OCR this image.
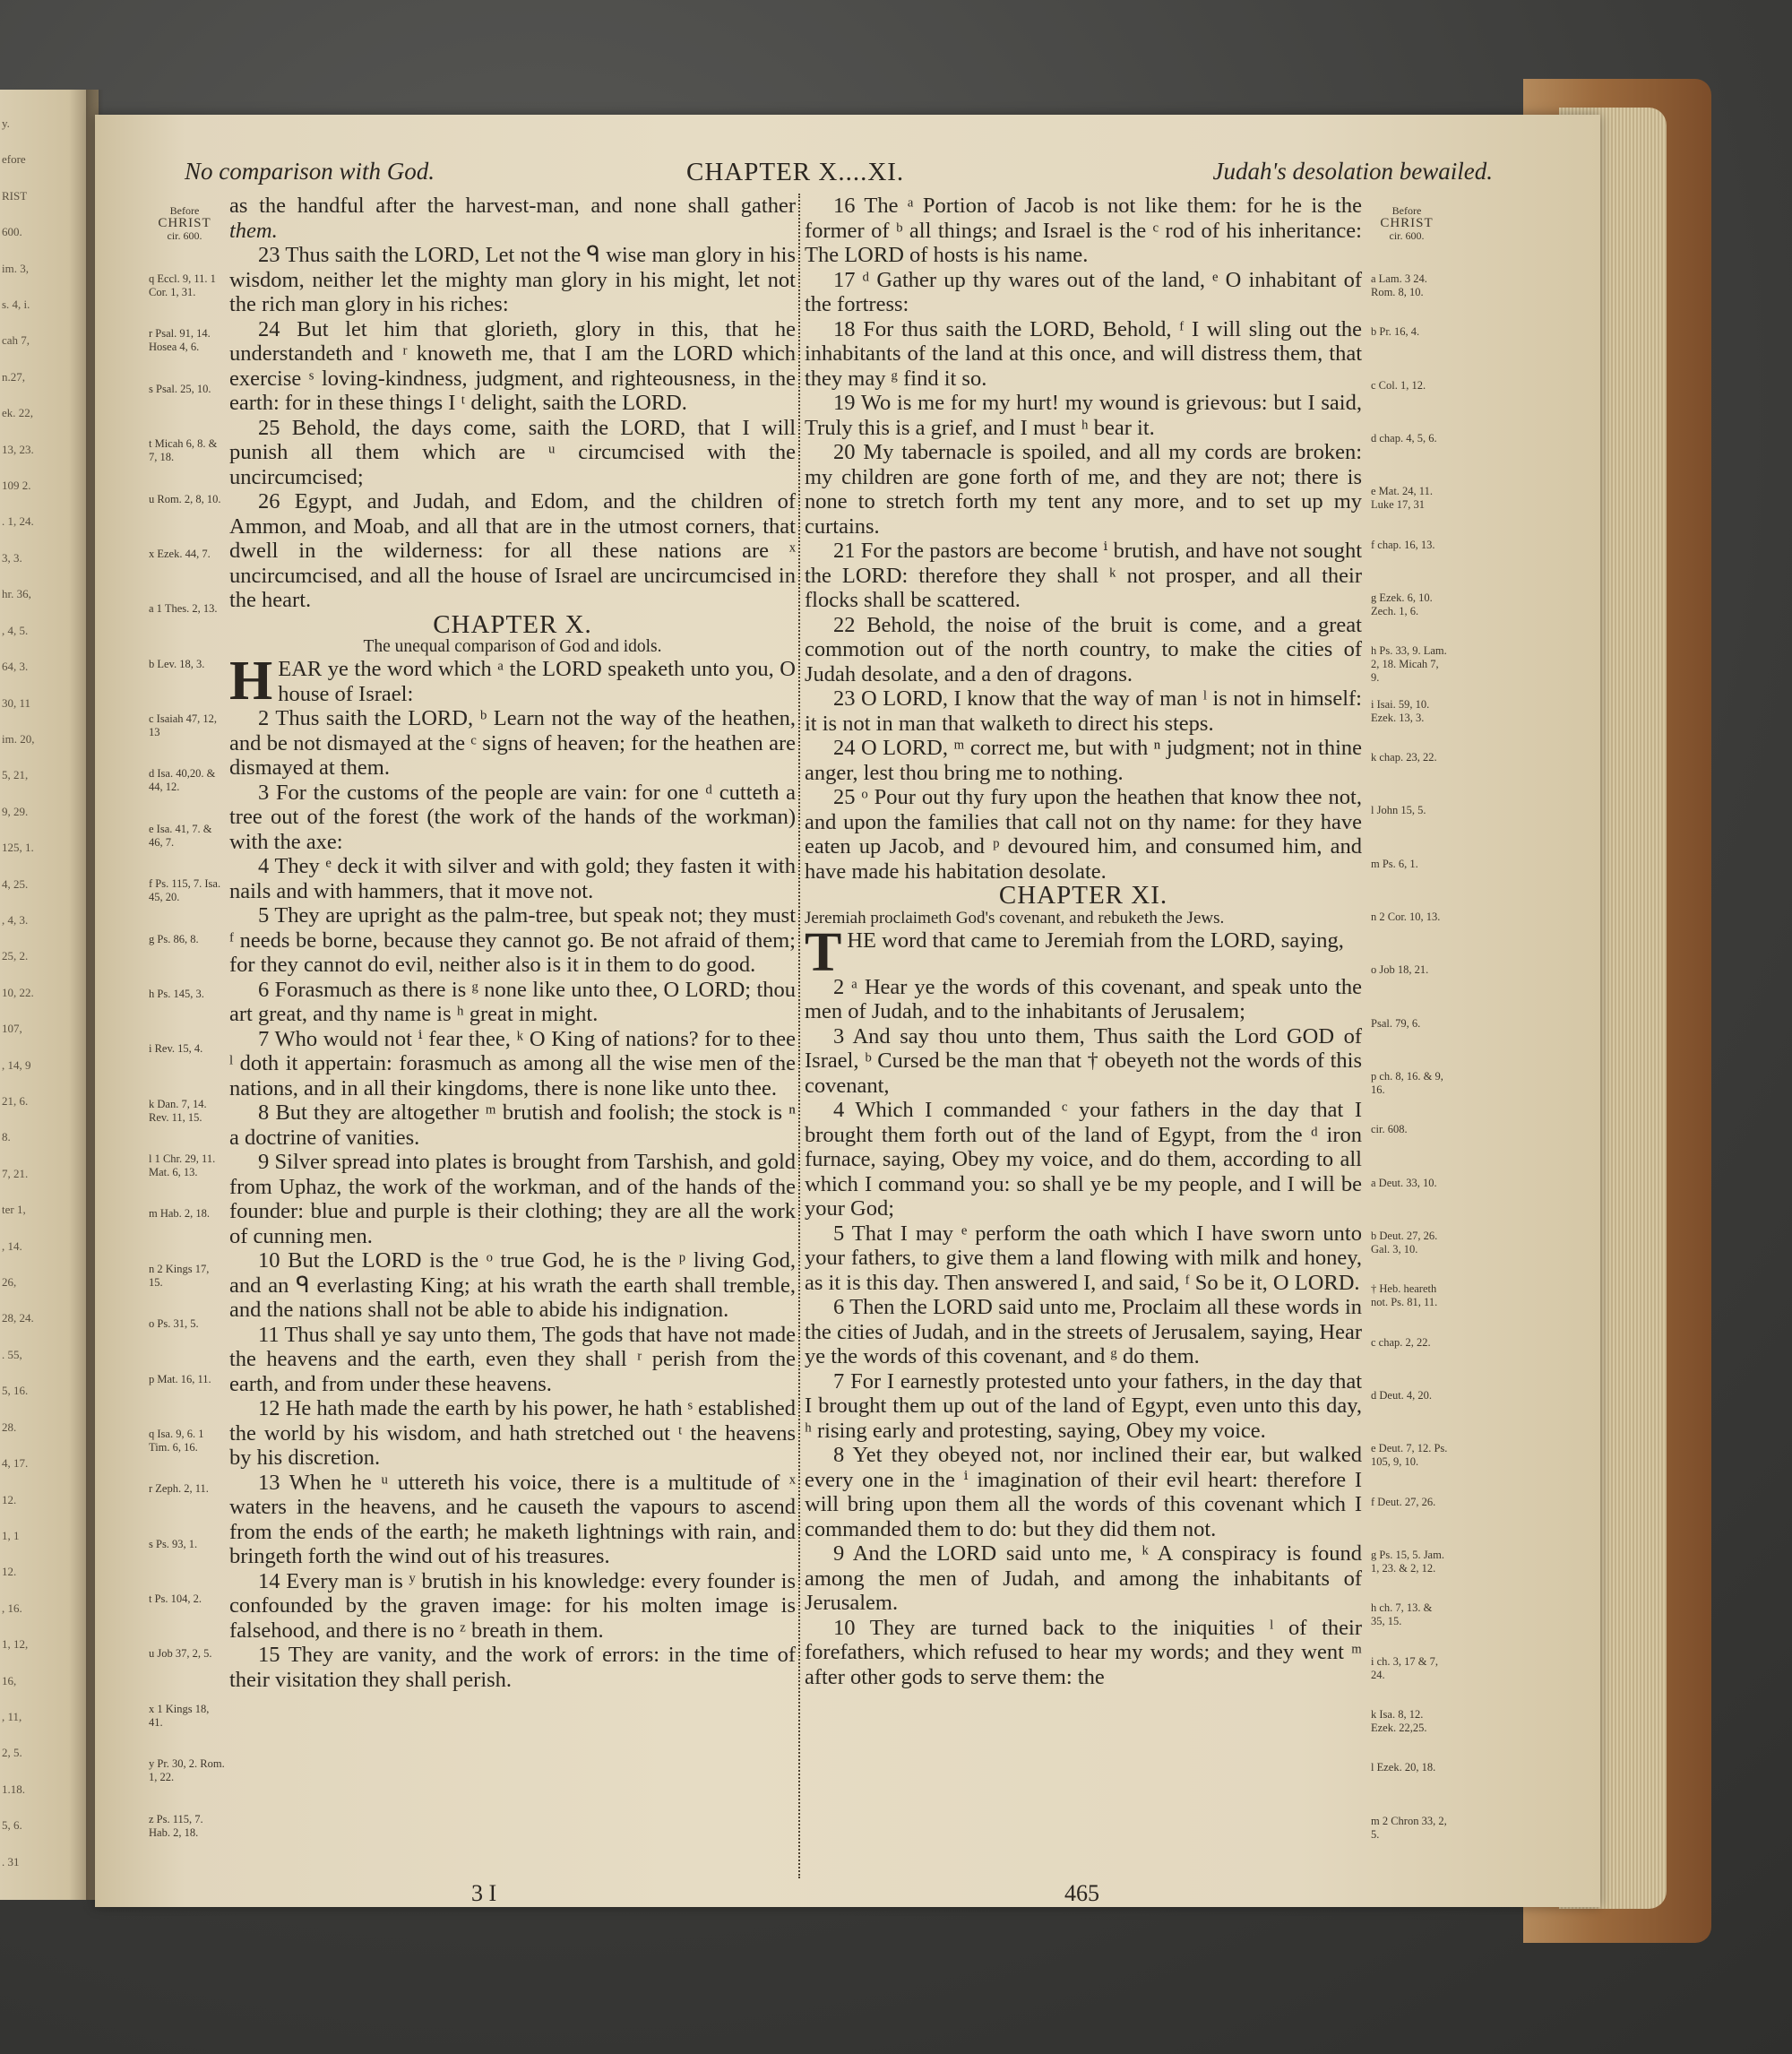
y.
efore
RIST
600.
im. 3,
s. 4, i.
cah 7,
n.27,
ek. 22,
13, 23.
109 2.
. 1, 24.
3, 3.
hr. 36,
, 4, 5.
64, 3.
30, 11
im. 20,
5, 21,
9, 29.
125, 1.
4, 25.
, 4, 3.
25, 2.
10, 22.
107,
, 14, 9
21, 6.
8.
7, 21.
ter 1,
, 14.
26,
28, 24.
. 55,
5, 16.
28.
4, 17.
12.
1, 1
12.
, 16.
1, 12,
16,
, 11,
2, 5.
1.18.
5, 6.
. 31
No comparison with God.	CHAPTER X....XI.	Judah's desolation bewailed.
Before
CHRIST
cir. 600.
q Eccl. 9, 11. 1 Cor. 1, 31.
r Psal. 91, 14. Hosea 4, 6.
s Psal. 25, 10.
t Micah 6, 8. & 7, 18.
u Rom. 2, 8, 10.
x Ezek. 44, 7.
a 1 Thes. 2, 13.
b Lev. 18, 3.
c Isaiah 47, 12, 13
d Isa. 40,20. & 44, 12.
e Isa. 41, 7. & 46, 7.
f Ps. 115, 7. Isa. 45, 20.
g Ps. 86, 8.
h Ps. 145, 3.
i Rev. 15, 4.
k Dan. 7, 14. Rev. 11, 15.
l 1 Chr. 29, 11. Mat. 6, 13.
m Hab. 2, 18.
n 2 Kings 17, 15.
o Ps. 31, 5.
p Mat. 16, 11.
q Isa. 9, 6. 1 Tim. 6, 16.
r Zeph. 2, 11.
s Ps. 93, 1.
t Ps. 104, 2.
u Job 37, 2, 5.
x 1 Kings 18, 41.
y Pr. 30, 2. Rom. 1, 22.
z Ps. 115, 7. Hab. 2, 18.

as the handful after the harvest-man, and none shall gather them.

23 Thus saith the LORD, Let not the ᑫ wise man glory in his wisdom, neither let the mighty man glory in his might, let not the rich man glory in his riches:

24 But let him that glorieth, glory in this, that he understandeth and ʳ knoweth me, that I am the LORD which exercise ˢ loving-kindness, judgment, and righteousness, in the earth: for in these things I ᵗ delight, saith the LORD.

25 Behold, the days come, saith the LORD, that I will punish all them which are ᵘ circumcised with the uncircumcised;

26 Egypt, and Judah, and Edom, and the children of Ammon, and Moab, and all that are in the utmost corners, that dwell in the wilderness: for all these nations are ˣ uncircumcised, and all the house of Israel are uncircumcised in the heart.

CHAPTER X.

The unequal comparison of God and idols.

HEAR ye the word which ᵃ the LORD speaketh unto you, O house of Israel:

2 Thus saith the LORD, ᵇ Learn not the way of the heathen, and be not dismayed at the ᶜ signs of heaven; for the heathen are dismayed at them.

3 For the customs of the people are vain: for one ᵈ cutteth a tree out of the forest (the work of the hands of the workman) with the axe:

4 They ᵉ deck it with silver and with gold; they fasten it with nails and with hammers, that it move not.

5 They are upright as the palm-tree, but speak not; they must ᶠ needs be borne, because they cannot go. Be not afraid of them; for they cannot do evil, neither also is it in them to do good.

6 Forasmuch as there is ᵍ none like unto thee, O LORD; thou art great, and thy name is ʰ great in might.

7 Who would not ⁱ fear thee, ᵏ O King of nations? for to thee ˡ doth it appertain: forasmuch as among all the wise men of the nations, and in all their kingdoms, there is none like unto thee.

8 But they are altogether ᵐ brutish and foolish; the stock is ⁿ a doctrine of vanities.

9 Silver spread into plates is brought from Tarshish, and gold from Uphaz, the work of the workman, and of the hands of the founder: blue and purple is their clothing; they are all the work of cunning men.

10 But the LORD is the ᵒ true God, he is the ᵖ living God, and an ᑫ everlasting King; at his wrath the earth shall tremble, and the nations shall not be able to abide his indignation.

11 Thus shall ye say unto them, The gods that have not made the heavens and the earth, even they shall ʳ perish from the earth, and from under these heavens.

12 He hath made the earth by his power, he hath ˢ established the world by his wisdom, and hath stretched out ᵗ the heavens by his discretion.

13 When he ᵘ uttereth his voice, there is a multitude of ˣ waters in the heavens, and he causeth the vapours to ascend from the ends of the earth; he maketh lightnings with rain, and bringeth forth the wind out of his treasures.

14 Every man is ʸ brutish in his knowledge: every founder is confounded by the graven image: for his molten image is falsehood, and there is no ᶻ breath in them.

15 They are vanity, and the work of errors: in the time of their visitation they shall perish.

16 The ᵃ Portion of Jacob is not like them: for he is the former of ᵇ all things; and Israel is the ᶜ rod of his inheritance: The LORD of hosts is his name.

17 ᵈ Gather up thy wares out of the land, ᵉ O inhabitant of the fortress:

18 For thus saith the LORD, Behold, ᶠ I will sling out the inhabitants of the land at this once, and will distress them, that they may ᵍ find it so.

19 Wo is me for my hurt! my wound is grievous: but I said, Truly this is a grief, and I must ʰ bear it.

20 My tabernacle is spoiled, and all my cords are broken: my children are gone forth of me, and they are not; there is none to stretch forth my tent any more, and to set up my curtains.

21 For the pastors are become ⁱ brutish, and have not sought the LORD: therefore they shall ᵏ not prosper, and all their flocks shall be scattered.

22 Behold, the noise of the bruit is come, and a great commotion out of the north country, to make the cities of Judah desolate, and a den of dragons.

23 O LORD, I know that the way of man ˡ is not in himself: it is not in man that walketh to direct his steps.

24 O LORD, ᵐ correct me, but with ⁿ judgment; not in thine anger, lest thou bring me to nothing.

25 ᵒ Pour out thy fury upon the heathen that know thee not, and upon the families that call not on thy name: for they have eaten up Jacob, and ᵖ devoured him, and consumed him, and have made his habitation desolate.

CHAPTER XI.

Jeremiah proclaimeth God's covenant, and rebuketh the Jews.

THE word that came to Jeremiah from the LORD, saying,

2 ᵃ Hear ye the words of this covenant, and speak unto the men of Judah, and to the inhabitants of Jerusalem;

3 And say thou unto them, Thus saith the Lord GOD of Israel, ᵇ Cursed be the man that † obeyeth not the words of this covenant,

4 Which I commanded ᶜ your fathers in the day that I brought them forth out of the land of Egypt, from the ᵈ iron furnace, saying, Obey my voice, and do them, according to all which I command you: so shall ye be my people, and I will be your God;

5 That I may ᵉ perform the oath which I have sworn unto your fathers, to give them a land flowing with milk and honey, as it is this day. Then answered I, and said, ᶠ So be it, O LORD.

6 Then the LORD said unto me, Proclaim all these words in the cities of Judah, and in the streets of Jerusalem, saying, Hear ye the words of this covenant, and ᵍ do them.

7 For I earnestly protested unto your fathers, in the day that I brought them up out of the land of Egypt, even unto this day, ʰ rising early and protesting, saying, Obey my voice.

8 Yet they obeyed not, nor inclined their ear, but walked every one in the ⁱ imagination of their evil heart: therefore I will bring upon them all the words of this covenant which I commanded them to do: but they did them not.

9 And the LORD said unto me, ᵏ A conspiracy is found among the men of Judah, and among the inhabitants of Jerusalem.

10 They are turned back to the iniquities ˡ of their forefathers, which refused to hear my words; and they went ᵐ after other gods to serve them: the

Before
CHRIST
cir. 600.
a Lam. 3 24. Rom. 8, 10.
b Pr. 16, 4.
c Col. 1, 12.
d chap. 4, 5, 6.
e Mat. 24, 11. Luke 17, 31
f chap. 16, 13.
g Ezek. 6, 10. Zech. 1, 6.
h Ps. 33, 9. Lam. 2, 18. Micah 7, 9.
i Isai. 59, 10. Ezek. 13, 3.
k chap. 23, 22.
l John 15, 5.
m Ps. 6, 1.
n 2 Cor. 10, 13.
o Job 18, 21.
Psal. 79, 6.
p ch. 8, 16. & 9, 16.
cir. 608.
a Deut. 33, 10.
b Deut. 27, 26. Gal. 3, 10.
† Heb. heareth not. Ps. 81, 11.
c chap. 2, 22.
d Deut. 4, 20.
e Deut. 7, 12. Ps. 105, 9, 10.
f Deut. 27, 26.
g Ps. 15, 5. Jam. 1, 23. & 2, 12.
h ch. 7, 13. & 35, 15.
i ch. 3, 17 & 7, 24.
k Isa. 8, 12. Ezek. 22,25.
l Ezek. 20, 18.
m 2 Chron 33, 2, 5.
3 I	465
